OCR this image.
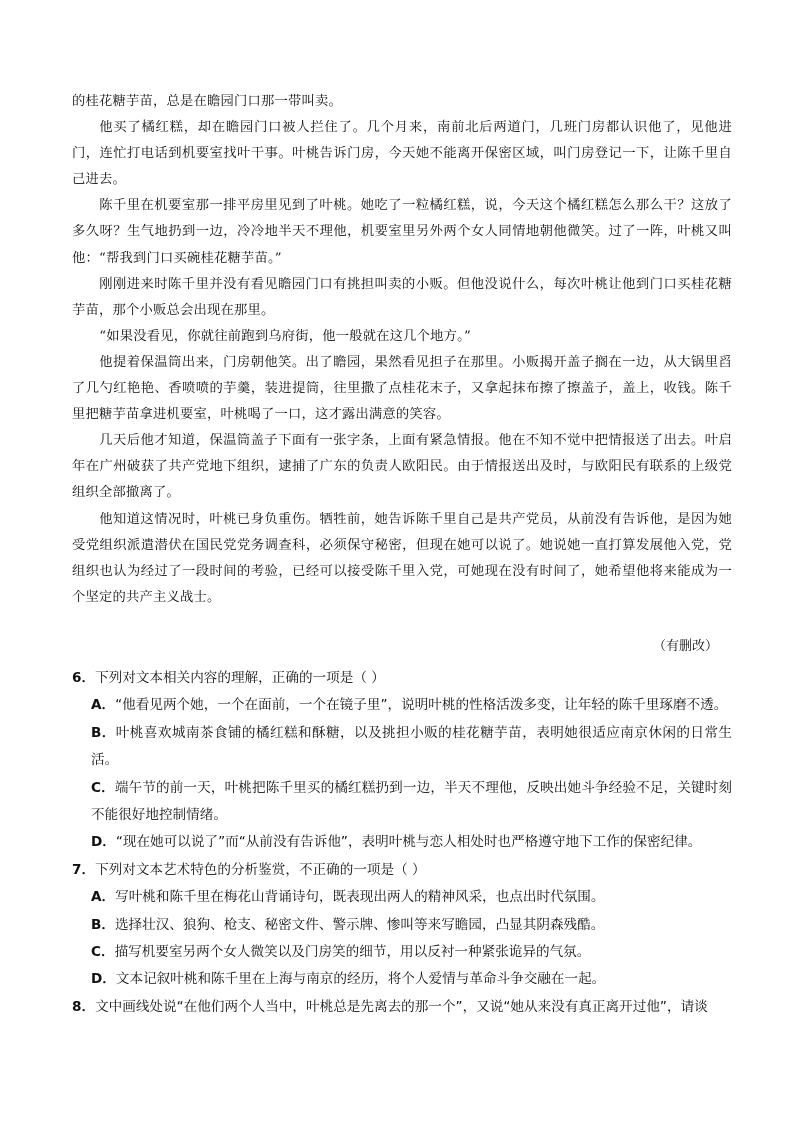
的桂花糖芋苗，总是在瞻园门口那一带叫卖。

他买了橘红糕，却在瞻园门口被人拦住了。几个月来，南前北后两道门，几班门房都认识他了，见他进门，连忙打电话到机要室找叶干事。叶桃告诉门房，今天她不能离开保密区域，叫门房登记一下，让陈千里自己进去。

陈千里在机要室那一排平房里见到了叶桃。她吃了一粒橘红糕，说，今天这个橘红糕怎么那么干？这放了多久呀？生气地扔到一边，冷冷地半天不理他，机要室里另外两个女人同情地朝他微笑。过了一阵，叶桃又叫他：“帮我到门口买碗桂花糖芋苗。”

刚刚进来时陈千里并没有看见瞻园门口有挑担叫卖的小贩。但他没说什么，每次叶桃让他到门口买桂花糖芋苗，那个小贩总会出现在那里。

“如果没看见，你就往前跑到乌府街，他一般就在这几个地方。”

他提着保温筒出来，门房朝他笑。出了瞻园，果然看见担子在那里。小贩揭开盖子搁在一边，从大锅里舀了几勺红艳艳、香喷喷的芋羹，装进提筒，往里撒了点桂花末子，又拿起抹布擦了擦盖子，盖上，收钱。陈千里把糖芋苗拿进机要室，叶桃喝了一口，这才露出满意的笑容。

几天后他才知道，保温筒盖子下面有一张字条，上面有紧急情报。他在不知不觉中把情报送了出去。叶启年在广州破获了共产党地下组织，逮捕了广东的负责人欧阳民。由于情报送出及时，与欧阳民有联系的上级党组织全部撤离了。

他知道这情况时，叶桃已身负重伤。牺牲前，她告诉陈千里自己是共产党员，从前没有告诉他，是因为她受党组织派遣潜伏在国民党党务调查科，必须保守秘密，但现在她可以说了。她说她一直打算发展他入党，党组织也认为经过了一段时间的考验，已经可以接受陈千里入党，可她现在没有时间了，她希望他将来能成为一个坚定的共产主义战士。

（有删改）

6．下列对文本相关内容的理解，正确的一项是（ ）

A．“他看见两个她，一个在面前，一个在镜子里”，说明叶桃的性格活泼多变，让年轻的陈千里琢磨不透。

B．叶桃喜欢城南茶食铺的橘红糕和酥糖，以及挑担小贩的桂花糖芋苗，表明她很适应南京休闲的日常生活。

C．端午节的前一天，叶桃把陈千里买的橘红糕扔到一边，半天不理他，反映出她斗争经验不足，关键时刻不能很好地控制情绪。

D．“现在她可以说了”而“从前没有告诉他”，表明叶桃与恋人相处时也严格遵守地下工作的保密纪律。

7．下列对文本艺术特色的分析鉴赏，不正确的一项是（ ）

A．写叶桃和陈千里在梅花山背诵诗句，既表现出两人的精神风采，也点出时代氛围。

B．选择壮汉、狼狗、枪支、秘密文件、警示牌、惨叫等来写瞻园，凸显其阴森残酷。

C．描写机要室另两个女人微笑以及门房笑的细节，用以反衬一种紧张诡异的气氛。

D．文本记叙叶桃和陈千里在上海与南京的经历，将个人爱情与革命斗争交融在一起。

8．文中画线处说“在他们两个人当中，叶桃总是先离去的那一个”，又说“她从来没有真正离开过他”，请谈
